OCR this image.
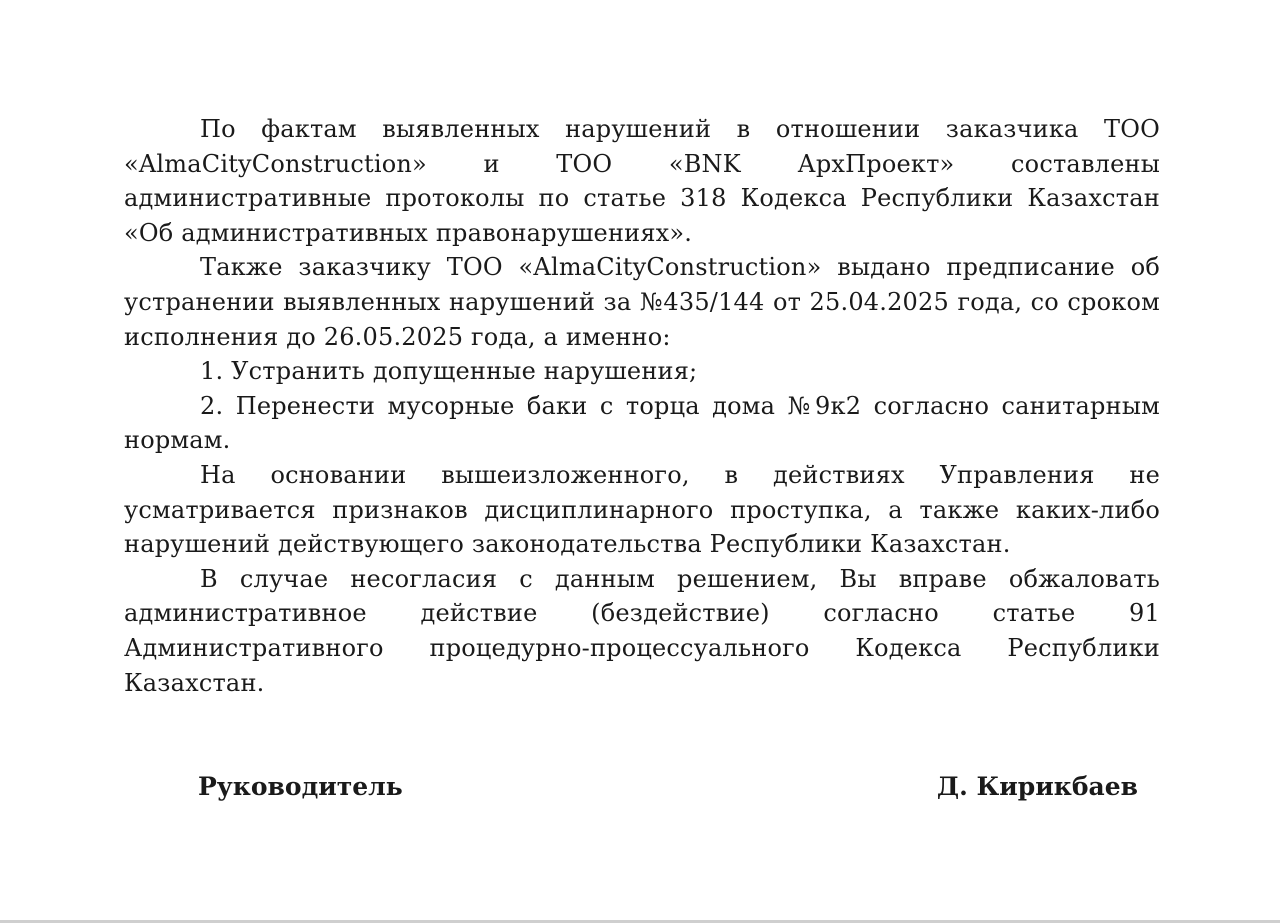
По фактам выявленных нарушений в отношении заказчика ТОО «AlmaCityConstruction» и ТОО «BNK АрхПроект» составлены административные протоколы по статье 318 Кодекса Республики Казахстан «Об административных правонарушениях».

Также заказчику ТОО «AlmaCityConstruction» выдано предписание об устранении выявленных нарушений за №435/144 от 25.04.2025 года, со сроком исполнения до 26.05.2025 года, а именно:

1. Устранить допущенные нарушения;

2. Перенести мусорные баки с торца дома №9к2 согласно санитарным нормам.

На основании вышеизложенного, в действиях Управления не усматривается признаков дисциплинарного проступка, а также каких-либо нарушений действующего законодательства Республики Казахстан.

В случае несогласия с данным решением, Вы вправе обжаловать административное действие (бездействие) согласно статье 91 Административного процедурно-процессуального Кодекса Республики Казахстан.

Руководитель	Д. Кирикбаев
